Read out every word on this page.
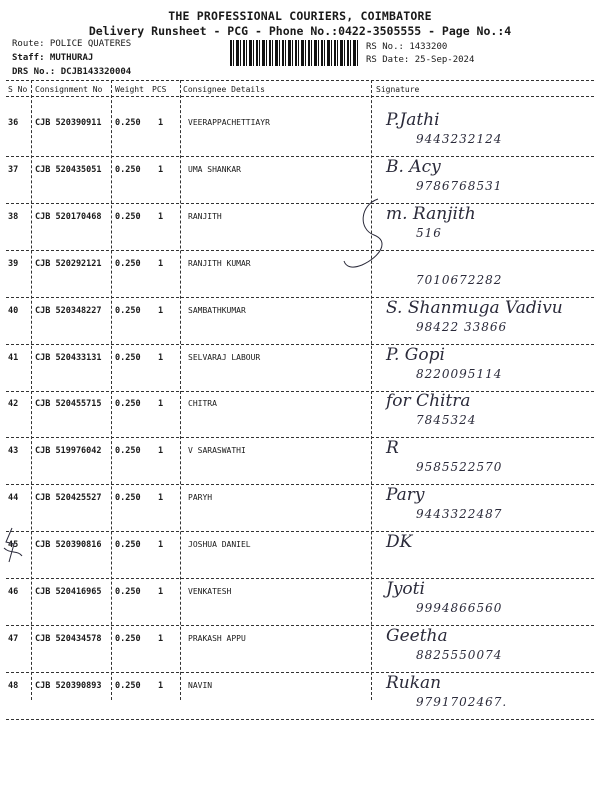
THE PROFESSIONAL COURIERS, COIMBATORE
Delivery Runsheet - PCG - Phone No.:0422-3505555 - Page No.:4
Route: POLICE QUATERES
Staff: MUTHURAJ
DRS No.: DCJB143320004
RS No.: 1433200
RS Date: 25-Sep-2024
S No Consignment No Weight PCS Consignee Details	Signature
36 CJB 520390911 0.250 1	VEERAPPACHETTIAYR	P.Jathi
9443232124
37 CJB 520435051 0.250 1	UMA SHANKAR	B. Acy
9786768531
38 CJB 520170468 0.250 1	RANJITH	m. Ranjith
516
39 CJB 520292121 0.250 1	RANJITH KUMAR
7010672282
40 CJB 520348227 0.250 1	SAMBATHKUMAR	S. Shanmuga Vadivu
98422 33866
41 CJB 520433131 0.250 1	SELVARAJ LABOUR	P. Gopi
8220095114
42 CJB 520455715 0.250 1	CHITRA	for Chitra
7845324
43 CJB 519976042 0.250 1	V SARASWATHI	R
9585522570
44 CJB 520425527 0.250 1	PARYH	Pary
9443322487
45 CJB 520390816 0.250 1	JOSHUA DANIEL	DK
46 CJB 520416965 0.250 1	VENKATESH	Jyoti
9994866560
47 CJB 520434578 0.250 1	PRAKASH APPU	Geetha
8825550074
48 CJB 520390893 0.250 1	NAVIN	Rukan
9791702467.
